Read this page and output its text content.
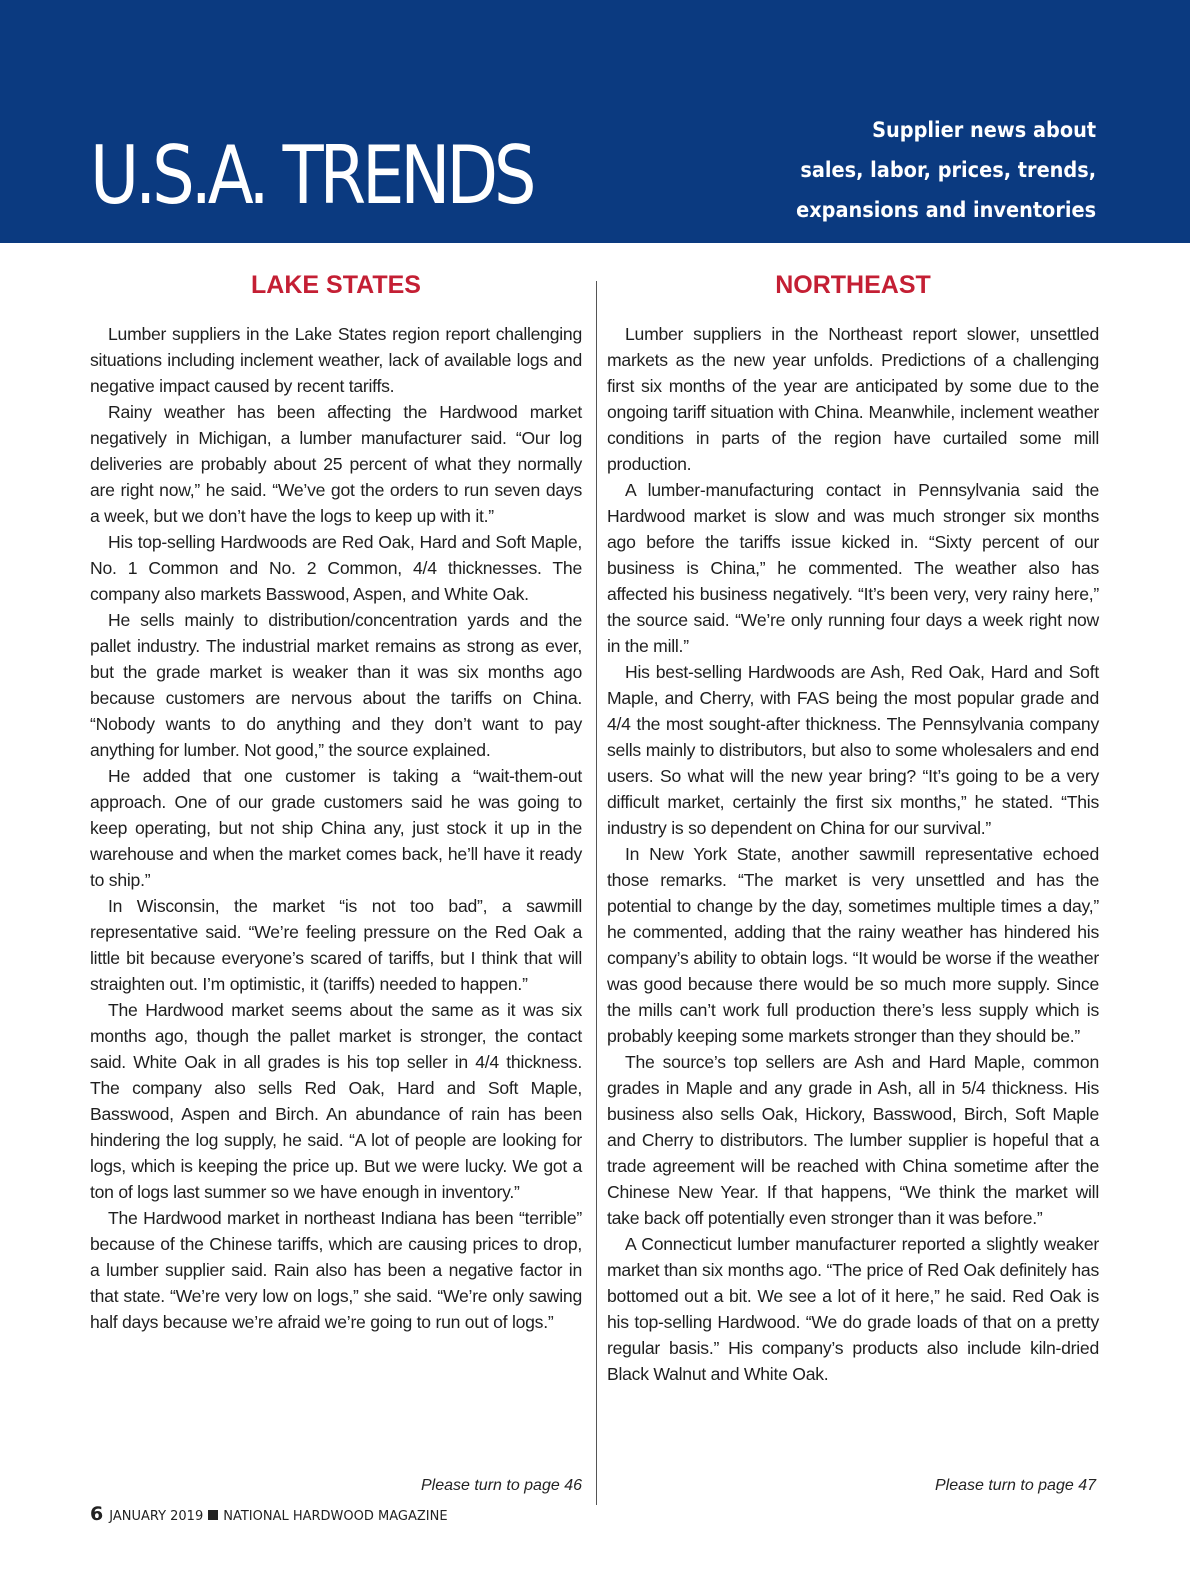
U.S.A. TRENDS	Supplier news about
sales, labor, prices, trends,
expansions and inventories
LAKE STATES

Lumber suppliers in the Lake States region report challenging situations including inclement weather, lack of available logs and negative impact caused by recent tariffs.

Rainy weather has been affecting the Hardwood market negatively in Michigan, a lumber manufacturer said. “Our log deliveries are probably about 25 percent of what they normally are right now,” he said. “We’ve got the orders to run seven days a week, but we don’t have the logs to keep up with it.”

His top-selling Hardwoods are Red Oak, Hard and Soft Maple, No. 1 Common and No. 2 Common, 4/4 thicknesses. The company also markets Basswood, Aspen, and White Oak.

He sells mainly to distribution/concentration yards and the pallet industry. The industrial market remains as strong as ever, but the grade market is weaker than it was six months ago because customers are nervous about the tariffs on China. “Nobody wants to do anything and they don’t want to pay anything for lumber. Not good,” the source explained.

He added that one customer is taking a “wait-them-out approach. One of our grade customers said he was going to keep operating, but not ship China any, just stock it up in the warehouse and when the market comes back, he’ll have it ready to ship.”

In Wisconsin, the market “is not too bad”, a sawmill representative said. “We’re feeling pressure on the Red Oak a little bit because everyone’s scared of tariffs, but I think that will straighten out. I’m optimistic, it (tariffs) needed to happen.”

The Hardwood market seems about the same as it was six months ago, though the pallet market is stronger, the contact said. White Oak in all grades is his top seller in 4/4 thickness. The company also sells Red Oak, Hard and Soft Maple, Basswood, Aspen and Birch. An abundance of rain has been hindering the log supply, he said. “A lot of people are looking for logs, which is keeping the price up. But we were lucky. We got a ton of logs last summer so we have enough in inventory.”

The Hardwood market in northeast Indiana has been “terrible” because of the Chinese tariffs, which are causing prices to drop, a lumber supplier said. Rain also has been a negative factor in that state. “We’re very low on logs,” she said. “We’re only sawing half days because we’re afraid we’re going to run out of logs.”

NORTHEAST

Lumber suppliers in the Northeast report slower, unsettled markets as the new year unfolds. Predictions of a challenging first six months of the year are anticipated by some due to the ongoing tariff situation with China. Meanwhile, inclement weather conditions in parts of the region have curtailed some mill production.

A lumber-manufacturing contact in Pennsylvania said the Hardwood market is slow and was much stronger six months ago before the tariffs issue kicked in. “Sixty percent of our business is China,” he commented. The weather also has affected his business negatively. “It’s been very, very rainy here,” the source said. “We’re only running four days a week right now in the mill.”

His best-selling Hardwoods are Ash, Red Oak, Hard and Soft Maple, and Cherry, with FAS being the most popular grade and 4/4 the most sought-after thickness. The Pennsylvania company sells mainly to distributors, but also to some wholesalers and end users. So what will the new year bring? “It’s going to be a very difficult market, certainly the first six months,” he stated. “This industry is so dependent on China for our survival.”

In New York State, another sawmill representative echoed those remarks. “The market is very unsettled and has the potential to change by the day, sometimes multiple times a day,” he commented, adding that the rainy weather has hindered his company’s ability to obtain logs. “It would be worse if the weather was good because there would be so much more supply. Since the mills can’t work full production there’s less supply which is probably keeping some markets stronger than they should be.”

The source’s top sellers are Ash and Hard Maple, common grades in Maple and any grade in Ash, all in 5/4 thickness. His business also sells Oak, Hickory, Basswood, Birch, Soft Maple and Cherry to distributors. The lumber supplier is hopeful that a trade agreement will be reached with China sometime after the Chinese New Year. If that happens, “We think the market will take back off potentially even stronger than it was before.”

A Connecticut lumber manufacturer reported a slightly weaker market than six months ago. “The price of Red Oak definitely has bottomed out a bit. We see a lot of it here,” he said. Red Oak is his top-selling Hardwood. “We do grade loads of that on a pretty regular basis.” His company’s products also include kiln-dried Black Walnut and White Oak.

Please turn to page 46	Please turn to page 47
6 JANUARY 2019 NATIONAL HARDWOOD MAGAZINE
